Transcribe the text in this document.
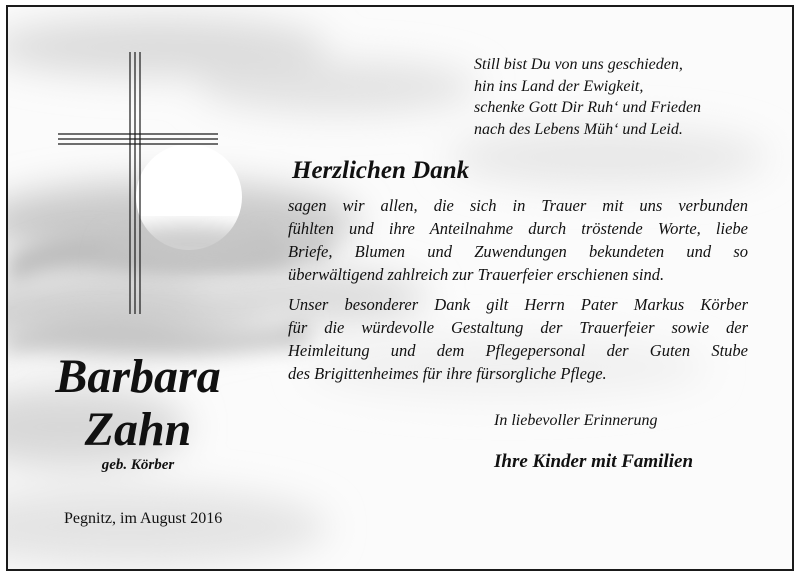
Still bist Du von uns geschieden,
hin ins Land der Ewigkeit,
schenke Gott Dir Ruh‘ und Frieden
nach des Lebens Müh‘ und Leid.
Herzlichen Dank
sagen wir allen, die sich in Trauer mit uns verbunden
fühlten und ihre Anteilnahme durch tröstende Worte, liebe
Briefe, Blumen und Zuwendungen bekundeten und so
überwältigend zahlreich zur Trauerfeier erschienen sind.
Unser besonderer Dank gilt Herrn Pater Markus Körber
für die würdevolle Gestaltung der Trauerfeier sowie der
Heimleitung und dem Pflegepersonal der Guten Stube
des Brigittenheimes für ihre fürsorgliche Pflege.
In liebevoller Erinnerung
Ihre Kinder mit Familien
Barbara
Zahn
geb. Körber
Pegnitz, im August 2016
